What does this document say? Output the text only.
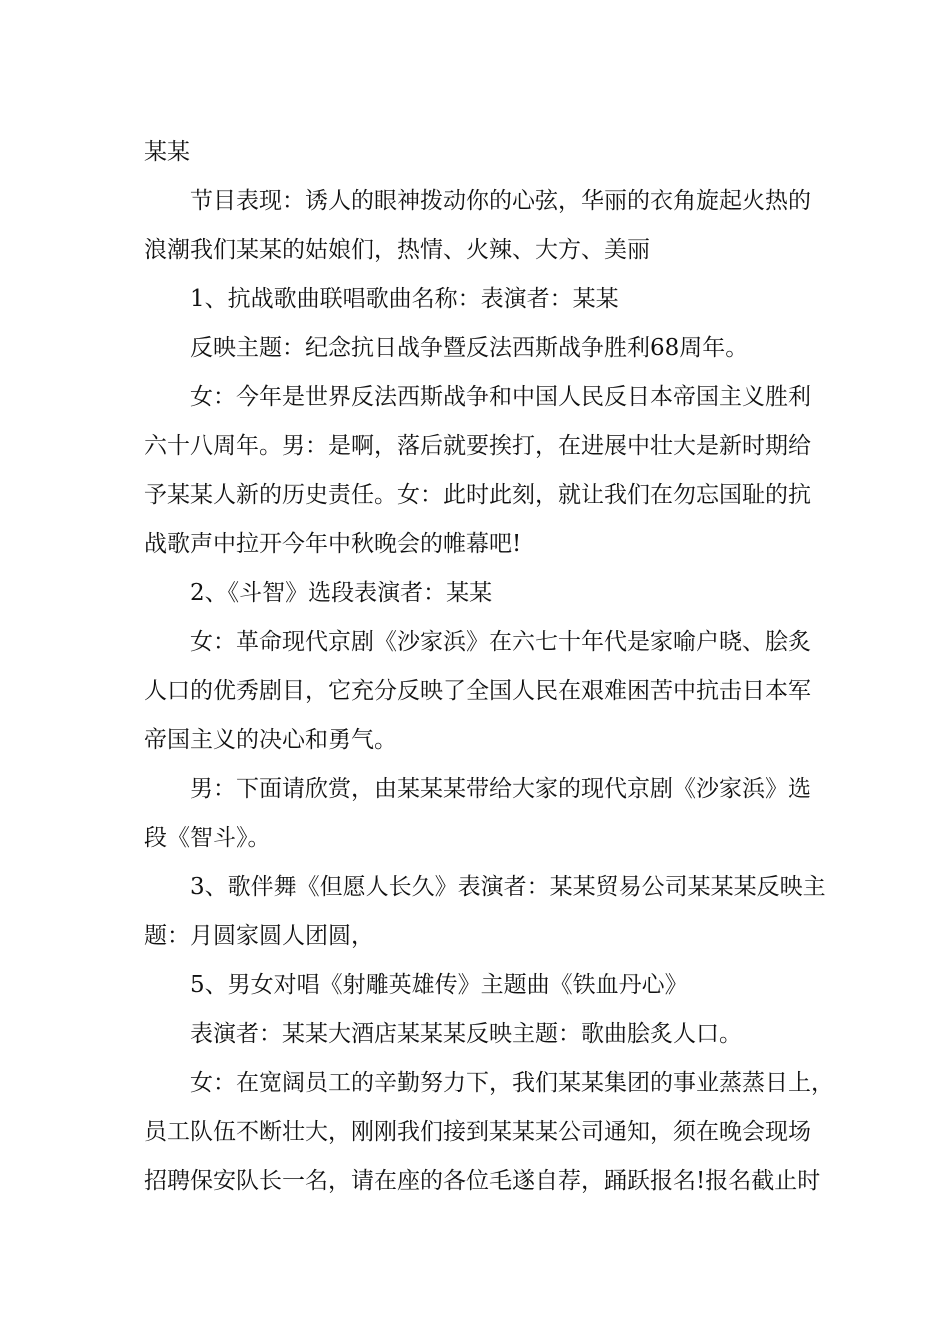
某某

节目表现：诱人的眼神拨动你的心弦，华丽的衣角旋起火热的

浪潮我们某某的姑娘们，热情、火辣、大方、美丽

1、抗战歌曲联唱歌曲名称：表演者：某某

反映主题：纪念抗日战争暨反法西斯战争胜利68周年。

女：今年是世界反法西斯战争和中国人民反日本帝国主义胜利

六十八周年。男：是啊，落后就要挨打，在进展中壮大是新时期给

予某某人新的历史责任。女：此时此刻，就让我们在勿忘国耻的抗

战歌声中拉开今年中秋晚会的帷幕吧!

2、《斗智》选段表演者：某某

女：革命现代京剧《沙家浜》在六七十年代是家喻户晓、脍炙

人口的优秀剧目，它充分反映了全国人民在艰难困苦中抗击日本军

帝国主义的决心和勇气。

男：下面请欣赏，由某某某带给大家的现代京剧《沙家浜》选

段《智斗》。

3、歌伴舞《但愿人长久》表演者：某某贸易公司某某某反映主

题：月圆家圆人团圆，

5、男女对唱《射雕英雄传》主题曲《铁血丹心》

表演者：某某大酒店某某某反映主题：歌曲脍炙人口。

女：在宽阔员工的辛勤努力下，我们某某集团的事业蒸蒸日上，

员工队伍不断壮大，刚刚我们接到某某某公司通知，须在晚会现场

招聘保安队长一名，请在座的各位毛遂自荐，踊跃报名!报名截止时
